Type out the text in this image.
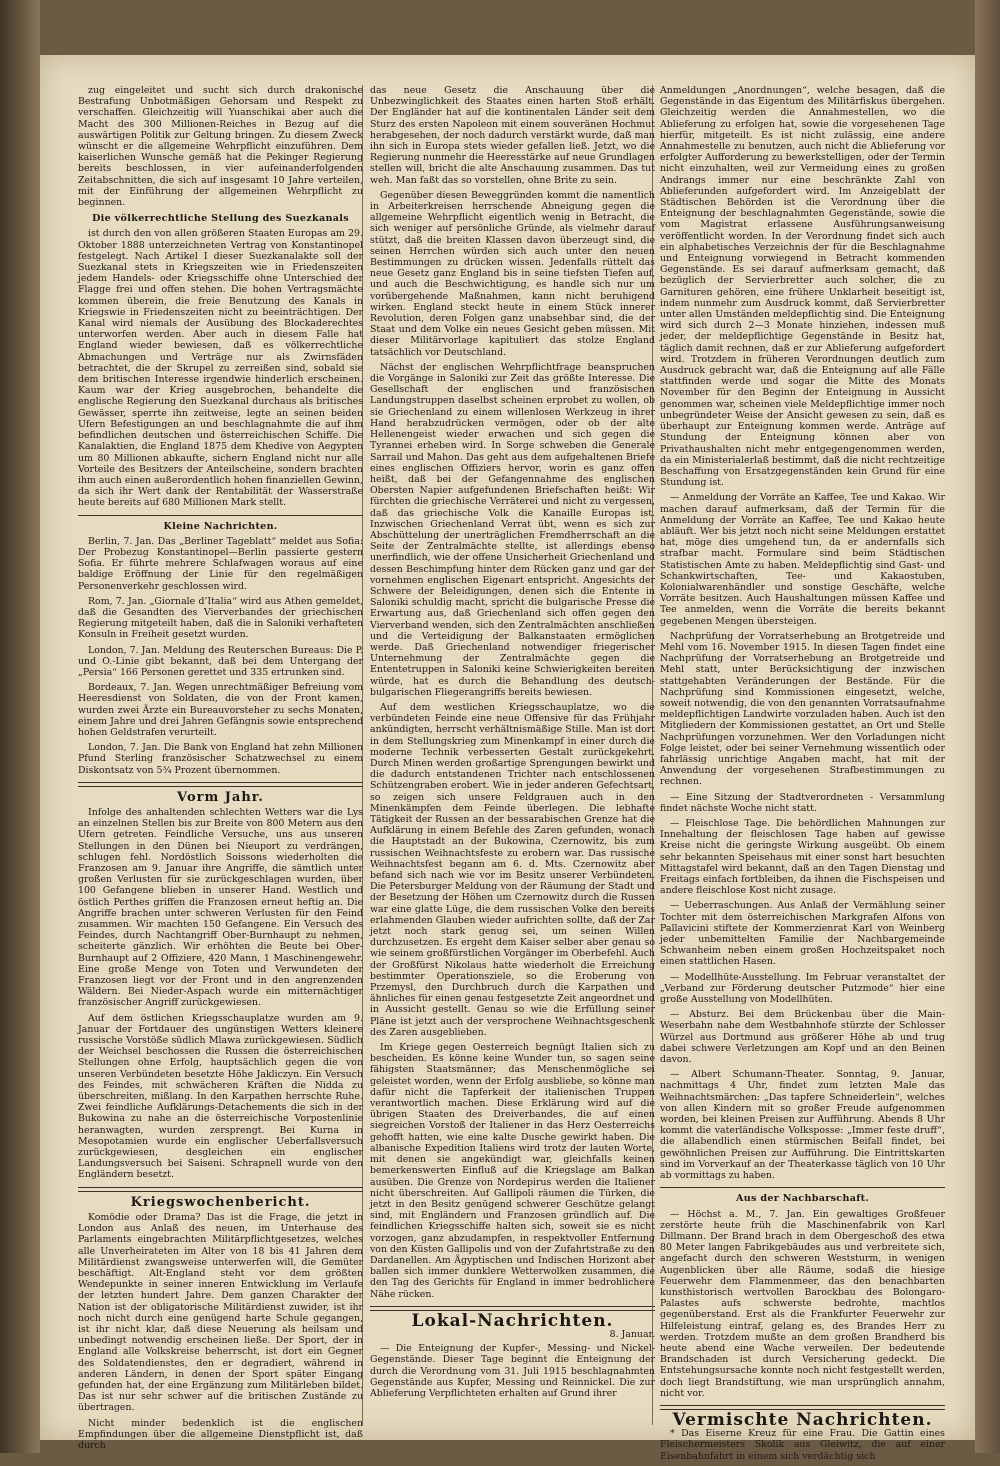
zug eingeleitet und sucht sich durch drakonische Bestrafung Unbotmäßigen Gehorsam und Respekt zu verschaffen. Gleichzeitig will Yuanschikai aber auch die Macht des 300 Millionen-Reiches in Bezug auf die auswärtigen Politik zur Geltung bringen. Zu diesem Zweck wünscht er die allgemeine Wehrpflicht einzuführen. Dem kaiserlichen Wunsche gemäß hat die Pekinger Regierung bereits beschlossen, in vier aufeinanderfolgenden Zeitabschnitten, die sich auf insgesamt 10 Jahre verteilen, mit der Einführung der allgemeinen Wehrpflicht zu beginnen.

Die völkerrechtliche Stellung des Suezkanals

ist durch den von allen größeren Staaten Europas am 29. Oktober 1888 unterzeichneten Vertrag von Konstantinopel festgelegt. Nach Artikel I dieser Suezkanalakte soll der Suezkanal stets in Kriegszeiten wie in Friedenszeiten jedem Handels- oder Kriegsschiffe ohne Unterschied der Flagge frei und offen stehen. Die hohen Vertragsmächte kommen überein, die freie Benutzung des Kanals in Kriegswie in Friedenszeiten nicht zu beeinträchtigen. Der Kanal wird niemals der Ausübung des Blockaderechtes unterworfen werden. Aber auch in diesem Falle hat England wieder bewiesen, daß es völkerrechtliche Abmachungen und Verträge nur als Zwirnsfäden betrachtet, die der Skrupel zu zerreißen sind, sobald sie dem britischen Interesse irgendwie hinderlich erscheinen. Kaum war der Krieg ausgebrochen, behandelte die englische Regierung den Suezkanal durchaus als britisches Gewässer, sperrte ihn zeitweise, legte an seinen beiden Ufern Befestigungen an und beschlagnahmte die auf ihm befindlichen deutschen und österreichischen Schiffe. Die Kanalaktien, die England 1875 dem Khedive von Aegypten um 80 Millionen abkaufte, sichern England nicht nur alle Vorteile des Besitzers der Anteilscheine, sondern brachten ihm auch einen außerordentlich hohen finanziellen Gewinn, da sich ihr Wert dank der Rentabilität der Wasserstraße heute bereits auf 680 Millionen Mark stellt.

Kleine Nachrichten.

Berlin, 7. Jan. Das „Berliner Tageblatt“ meldet aus Sofia: Der Probezug Konstantinopel—Berlin passierte gestern Sofia. Er führte mehrere Schlafwagen woraus auf eine baldige Eröffnung der Linie für den regelmäßigen Personenverkehr geschlossen wird.

Rom, 7. Jan. „Giornale d’Italia“ wird aus Athen gemeldet, daß die Gesandten des Vierverbandes der griechischen Regierung mitgeteilt haben, daß die in Saloniki verhafteten Konsuln in Freiheit gesetzt wurden.

London, 7. Jan. Meldung des Reuterschen Bureaus: Die P. und O.-Linie gibt bekannt, daß bei dem Untergang der „Persia“ 166 Personen gerettet und 335 ertrunken sind.

Bordeaux, 7. Jan. Wegen unrechtmäßiger Befreiung vom Heeresdienst von Soldaten, die von der Front kamen, wurden zwei Ärzte ein Bureauvorsteher zu sechs Monaten, einem Jahre und drei Jahren Gefängnis sowie entsprechend hohen Geldstrafen verurteilt.

London, 7. Jan. Die Bank von England hat zehn Millionen Pfund Sterling französischer Schatzwechsel zu einem Diskontsatz von 5¾ Prozent übernommen.

Vorm Jahr.

Infolge des anhaltenden schlechten Wetters war die Lys an einzelnen Stellen bis zur Breite von 800 Metern aus den Ufern getreten. Feindliche Versuche, uns aus unseren Stellungen in den Dünen bei Nieuport zu verdrängen, schlugen fehl. Nordöstlich Soissons wiederholten die Franzosen am 9. Januar ihre Angriffe, die sämtlich unter großen Verlusten für sie zurückgeschlagen wurden, über 100 Gefangene blieben in unserer Hand. Westlich und östlich Perthes griffen die Franzosen erneut heftig an. Die Angriffe brachen unter schweren Verlusten für den Feind zusammen. Wir machten 150 Gefangene. Ein Versuch des Feindes, durch Nachtangriff Ober-Burnhaupt zu nehmen, scheiterte gänzlich. Wir erhöhten die Beute bei Ober-Burnhaupt auf 2 Offiziere, 420 Mann, 1 Maschinengewehr. Eine große Menge von Toten und Verwundeten der Franzosen liegt vor der Front und in den angrenzenden Wäldern. Bei Nieder-Aspach wurde ein mitternächtiger französischer Angriff zurückgewiesen.

Auf dem östlichen Kriegsschauplatze wurden am 9. Januar der Fortdauer des ungünstigen Wetters kleinere russische Vorstöße südlich Mlawa zurückgewiesen. Südlich der Weichsel beschossen die Russen die österreichischen Stellungen ohne Erfolg, hauptsächlich gegen die von unseren Verbündeten besetzte Höhe Jakliczyn. Ein Versuch des Feindes, mit schwächeren Kräften die Nidda zu überschreiten, mißlang. In den Karpathen herrschte Ruhe. Zwei feindliche Aufklärungs-Detachements die sich in der Bukowina zu nahe an die österreichische Vorpostenlinie heranwagten, wurden zersprengt. Bei Kurna in Mesopotamien wurde ein englischer Ueberfallsversuch zurückgewiesen, desgleichen ein englischer Landungsversuch bei Saiseni. Schrapnell wurde von den Engländern besetzt.

Kriegswochenbericht.

Komödie oder Drama? Das ist die Frage, die jetzt in London aus Anlaß des neuen, im Unterhause des Parlaments eingebrachten Militärpflichtgesetzes, welches alle Unverheirateten im Alter von 18 bis 41 Jahren dem Militärdienst zwangsweise unterwerfen will, die Gemüter beschäftigt. Alt-England steht vor dem größten Wendepunkte in seiner inneren Entwicklung im Verlaufe der letzten hundert Jahre. Dem ganzen Charakter der Nation ist der obligatorische Militärdienst zuwider, ist ihr noch nicht durch eine genügend harte Schule gegangen, ist ihr nicht klar, daß diese Neuerung als heilsam und unbedingt notwendig erscheinen ließe. Der Sport, der in England alle Volkskreise beherrscht, ist dort ein Gegner des Soldatendienstes, den er degradiert, während in anderen Ländern, in denen der Sport später Eingang gefunden hat, der eine Ergänzung zum Militärleben bildet. Das ist nur sehr schwer auf die britischen Zustände zu übertragen.

Nicht minder bedenklich ist die englischen Empfindungen über die allgemeine Dienstpflicht ist, daß durch

das neue Gesetz die Anschauung über die Unbezwinglichkeit des Staates einen harten Stoß erhält. Der Engländer hat auf die kontinentalen Länder seit dem Sturz des ersten Napoleon mit einem souveränen Hochmut herabgesehen, der noch dadurch verstärkt wurde, daß man ihn sich in Europa stets wieder gefallen ließ. Jetzt, wo die Regierung nunmehr die Heeresstärke auf neue Grundlagen stellen will, bricht die alte Anschauung zusammen. Das tut weh. Man faßt das so vorstellen, ohne Brite zu sein.

Gegenüber diesen Beweggründen kommt die namentlich in Arbeiterkreisen herrschende Abneigung gegen die allgemeine Wehrpflicht eigentlich wenig in Betracht, die sich weniger auf persönliche Gründe, als vielmehr darauf stützt, daß die breiten Klassen davon überzeugt sind, die seinen Herrchen würden sich auch unter den neuen Bestimmungen zu drücken wissen. Jedenfalls rüttelt das neue Gesetz ganz England bis in seine tiefsten Tiefen auf, und auch die Beschwichtigung, es handle sich nur um vorübergehende Maßnahmen, kann nicht beruhigend wirken. England steckt heute in einem Stück innerer Revolution, deren Folgen ganz unabsehbar sind, die der Staat und dem Volke ein neues Gesicht geben müssen. Mit dieser Militärvorlage kapituliert das stolze England tatsächlich vor Deutschland.

Nächst der englischen Wehrpflichtfrage beanspruchen die Vorgänge in Saloniki zur Zeit das größte Interesse. Die Gesellschaft der englischen und französischen Landungstruppen daselbst scheinen erprobet zu wollen, ob sie Griechenland zu einem willenlosen Werkzeug in ihrer Hand herabzudrücken vermögen, oder ob der alte Hellenengeist wieder erwachen und sich gegen die Tyrannei erheben wird. In Sorge schweben die Generale Sarrail und Mahon. Das geht aus dem aufgehaltenen Briefe eines englischen Offiziers hervor, worin es ganz offen heißt, daß bei der Gefangennahme des englischen Obersten Napier aufgefundenen Briefschaften heißt: Wir fürchten die griechische Verräterei und nicht zu vergessen, daß das griechische Volk die Kanaille Europas ist. Inzwischen Griechenland Verrat übt, wenn es sich zur Abschüttelung der unerträglichen Fremdherrschaft an die Seite der Zentralmächte stellte, ist allerdings ebenso unerfindlich, wie der offene Unsicherheit Griechenland und dessen Beschimpfung hinter dem Rücken ganz und gar der vornehmen englischen Eigenart entspricht. Angesichts der Schwere der Beleidigungen, denen sich die Entente in Saloniki schuldig macht, spricht die bulgarische Presse die Erwartung aus, daß Griechenland sich offen gegen den Vierverband wenden, sich den Zentralmächten anschließen und die Verteidigung der Balkanstaaten ermöglichen werde. Daß Griechenland notwendiger friegerischer Unternehmung der Zentralmächte gegen die Ententetruppen in Saloniki keine Schwierigkeiten bereiten würde, hat es durch die Behandlung des deutsch-bulgarischen Fliegerangriffs bereits bewiesen.

Auf dem westlichen Kriegsschauplatze, wo die verbündeten Feinde eine neue Offensive für das Frühjahr ankündigten, herrscht verhältnismäßige Stille. Man ist dort in dem Stellungskrieg zum Minenkampf in einer durch die moderne Technik verbesserten Gestalt zurückgekehrt. Durch Minen werden großartige Sprengungen bewirkt und die dadurch entstandenen Trichter nach entschlossenen Schützengraben erobert. Wie in jeder anderen Gefechtsart, so zeigen sich unsere Feldgrauen auch in den Minenkämpfen dem Feinde überlegen. Die lebhafte Tätigkeit der Russen an der bessarabischen Grenze hat die Aufklärung in einem Befehle des Zaren gefunden, wonach die Hauptstadt an der Bukowina, Czernowitz, bis zum russischen Weihnachtsfeste zu erobern war. Das russische Weihnachtsfest begann am 6. d. Mts. Czernowitz aber befand sich nach wie vor im Besitz unserer Verbündeten. Die Petersburger Meldung von der Räumung der Stadt und der Besetzung der Höhen um Czernowitz durch die Russen war eine glatte Lüge, die dem russischen Volke den bereits erlahmenden Glauben wieder aufrichten sollte, daß der Zar jetzt noch stark genug sei, um seinen Willen durchzusetzen. Es ergeht dem Kaiser selber aber genau so wie seinem großfürstlichen Vorgänger im Oberbefehl. Auch der Großfürst Nikolaus hatte wiederholt die Erreichung bestimmter Operationsziele, so die Eroberung von Przemysl, den Durchbruch durch die Karpathen und ähnliches für einen genau festgesetzte Zeit angeordnet und in Aussicht gestellt. Genau so wie die Erfüllung seiner Pläne ist jetzt auch der versprochene Weihnachtsgeschenk des Zaren ausgeblieben.

Im Kriege gegen Oesterreich begnügt Italien sich zu bescheiden. Es könne keine Wunder tun, so sagen seine fähigsten Staatsmänner; das Menschenmögliche sei geleistet worden, wenn der Erfolg ausbliebe, so könne man dafür nicht die Tapferkeit der italienischen Truppen verantwortlich machen. Diese Erklärung wird auf die übrigen Staaten des Dreiverbandes, die auf einen siegreichen Vorstoß der Italiener in das Herz Oesterreichs gehofft hatten, wie eine kalte Dusche gewirkt haben. Die albanische Expedition Italiens wird trotz der lauten Worte, mit denen sie angekündigt war, gleichfalls keinen bemerkenswerten Einfluß auf die Kriegslage am Balkan ausüben. Die Grenze von Nordepirus werden die Italiener nicht überschreiten. Auf Gallipoli räumen die Türken, die jetzt in den Besitz genügend schwerer Geschütze gelangt sind, mit Engländern und Franzosen gründlich auf. Die feindlichen Kriegsschiffe halten sich, soweit sie es nicht vorzogen, ganz abzudampfen, in respektvoller Entfernung von den Küsten Gallipolis und von der Zufahrtstraße zu den Dardanellen. Am Ägyptischen und Indischen Horizont aber ballen sich immer dunklere Wetterwolken zusammen, die den Tag des Gerichts für England in immer bedrohlichere Nähe rücken.

Lokal-Nachrichten.
8. Januar.

— Die Enteignung der Kupfer-, Messing- und Nickel-Gegenstände. Dieser Tage beginnt die Enteignung der durch die Verordnung vom 31. Juli 1915 beschlagnahmten Gegenstände aus Kupfer, Messing und Reinnickel. Die zur Ablieferung Verpflichteten erhalten auf Grund ihrer

Anmeldungen „Anordnungen“, welche besagen, daß die Gegenstände in das Eigentum des Militärfiskus übergehen. Gleichzeitig werden die Annahmestellen, wo die Ablieferung zu erfolgen hat, sowie die vorgesehenen Tage hierfür, mitgeteilt. Es ist nicht zulässig, eine andere Annahmestelle zu benutzen, auch nicht die Ablieferung vor erfolgter Aufforderung zu bewerkstelligen, oder der Termin nicht einzuhalten, weil zur Vermeidung eines zu großen Andrangs immer nur eine beschränkte Zahl von Ablieferunden aufgefordert wird. Im Anzeigeblatt der Städtischen Behörden ist die Verordnung über die Enteignung der beschlagnahmten Gegenstände, sowie die vom Magistrat erlassene Ausführungsanweisung veröffentlicht worden. In der Verordnung findet sich auch ein alphabetisches Verzeichnis der für die Beschlagnahme und Enteignung vorwiegend in Betracht kommenden Gegenstände. Es sei darauf aufmerksam gemacht, daß bezüglich der Servierbretter auch solcher, die zu Garnituren gehören, eine frühere Unklarheit beseitigt ist, indem nunmehr zum Ausdruck kommt, daß Servierbretter unter allen Umständen meldepflichtig sind. Die Enteignung wird sich durch 2—3 Monate hinziehen, indessen muß jeder, der meldepflichtige Gegenstände in Besitz hat, täglich damit rechnen, daß er zur Ablieferung aufgefordert wird. Trotzdem in früheren Verordnungen deutlich zum Ausdruck gebracht war, daß die Enteignung auf alle Fälle stattfinden werde und sogar die Mitte des Monats November für den Beginn der Enteignung in Aussicht genommen war, scheinen viele Meldepflichtige immer noch unbegründeter Weise der Ansicht gewesen zu sein, daß es überhaupt zur Enteignung kommen werde. Anträge auf Stundung der Enteignung können aber von Privathaushalten nicht mehr entgegengenommen werden, da ein Ministerialerlaß bestimmt, daß die nicht rechtzeitige Beschaffung von Ersatzgegenständen kein Grund für eine Stundung ist.

— Anmeldung der Vorräte an Kaffee, Tee und Kakao. Wir machen darauf aufmerksam, daß der Termin für die Anmeldung der Vorräte an Kaffee, Tee und Kakao heute abläuft. Wer bis jetzt noch nicht seine Meldungen erstattet hat, möge dies umgehend tun, da er andernfalls sich strafbar macht. Formulare sind beim Städtischen Statistischen Amte zu haben. Meldepflichtig sind Gast- und Schankwirtschaften, Tee- und Kakaostuben, Kolonialwarenhändler und sonstige Geschäfte, welche Vorräte besitzen. Auch Haushaltungen müssen Kaffee und Tee anmelden, wenn die Vorräte die bereits bekannt gegebenen Mengen übersteigen.

Nachprüfung der Vorratserhebung an Brotgetreide und Mehl vom 16. November 1915. In diesen Tagen findet eine Nachprüfung der Vorratserhebung an Brotgetreide und Mehl statt, unter Berücksichtigung der inzwischen stattgehabten Veränderungen der Bestände. Für die Nachprüfung sind Kommissionen eingesetzt, welche, soweit notwendig, die von den genannten Vorratsaufnahme meldepflichtigen Landwirte vorzuladen haben. Auch ist den Mitgliedern der Kommissionen gestattet, an Ort und Stelle Nachprüfungen vorzunehmen. Wer den Vorladungen nicht Folge leistet, oder bei seiner Vernehmung wissentlich oder fahrlässig unrichtige Angaben macht, hat mit der Anwendung der vorgesehenen Strafbestimmungen zu rechnen.

— Eine Sitzung der Stadtverordneten - Versammlung findet nächste Woche nicht statt.

— Fleischlose Tage. Die behördlichen Mahnungen zur Innehaltung der fleischlosen Tage haben auf gewisse Kreise nicht die geringste Wirkung ausgeübt. Ob einem sehr bekannten Speisehaus mit einer sonst hart besuchten Mittagstafel wird bekannt, daß an den Tagen Dienstag und Freitags einfach fortbleiben, da ihnen die Fischspeisen und andere fleischlose Kost nicht zusage.

— Ueberraschungen. Aus Anlaß der Vermählung seiner Tochter mit dem österreichischen Markgrafen Alfons von Pallavicini stiftete der Kommerzienrat Karl von Weinberg jeder unbemittelten Familie der Nachbargemeinde Schwanheim neben einem großen Hochzeitspaket noch einen stattlichen Hasen.

— Modellhüte-Ausstellung. Im Februar veranstaltet der „Verband zur Förderung deutscher Putzmode“ hier eine große Ausstellung von Modellhüten.

— Absturz. Bei dem Brückenbau über die Main-Weserbahn nahe dem Westbahnhofe stürzte der Schlosser Würzel aus Dortmund aus größerer Höhe ab und trug dabei schwere Verletzungen am Kopf und an den Beinen davon.

— Albert Schumann-Theater. Sonntag, 9. Januar, nachmittags 4 Uhr, findet zum letzten Male das Weihnachtsmärchen: „Das tapfere Schneiderlein“, welches von allen Kindern mit so großer Freude aufgenommen worden, bei kleinen Preisen zur Aufführung. Abends 8 Uhr kommt die vaterländische Volksposse: „Immer feste druff“, die allabendlich einen stürmischen Beifall findet, bei gewöhnlichen Preisen zur Aufführung. Die Eintrittskarten sind im Vorverkauf an der Theaterkasse täglich von 10 Uhr ab vormittags zu haben.

Aus der Nachbarschaft.

— Höchst a. M., 7. Jan. Ein gewaltiges Großfeuer zerstörte heute früh die Maschinenfabrik von Karl Dillmann. Der Brand brach in dem Obergeschoß des etwa 80 Meter langen Fabrikgebäudes aus und verbreitete sich, angefacht durch den schweren Weststurm, in wenigen Augenblicken über alle Räume, sodaß die hiesige Feuerwehr dem Flammenmeer, das den benachbarten kunsthistorisch wertvollen Barockbau des Bolongaro-Palastes aufs schwerste bedrohte, machtlos gegenüberstand. Erst als die Frankfurter Feuerwehr zur Hilfeleistung eintraf, gelang es, des Brandes Herr zu werden. Trotzdem mußte an dem großen Brandherd bis heute abend eine Wache verweilen. Der bedeutende Brandschaden ist durch Versicherung gedeckt. Die Entstehungsursache konnte noch nicht festgestellt werden, doch liegt Brandstiftung, wie man ursprünglich annahm, nicht vor.

Vermischte Nachrichten.

* Das Eiserne Kreuz für eine Frau. Die Gattin eines Fleischermeisters Skolik aus Gleiwitz, die auf einer Eisenbahnfahrt in einem sich verdächtig sich
